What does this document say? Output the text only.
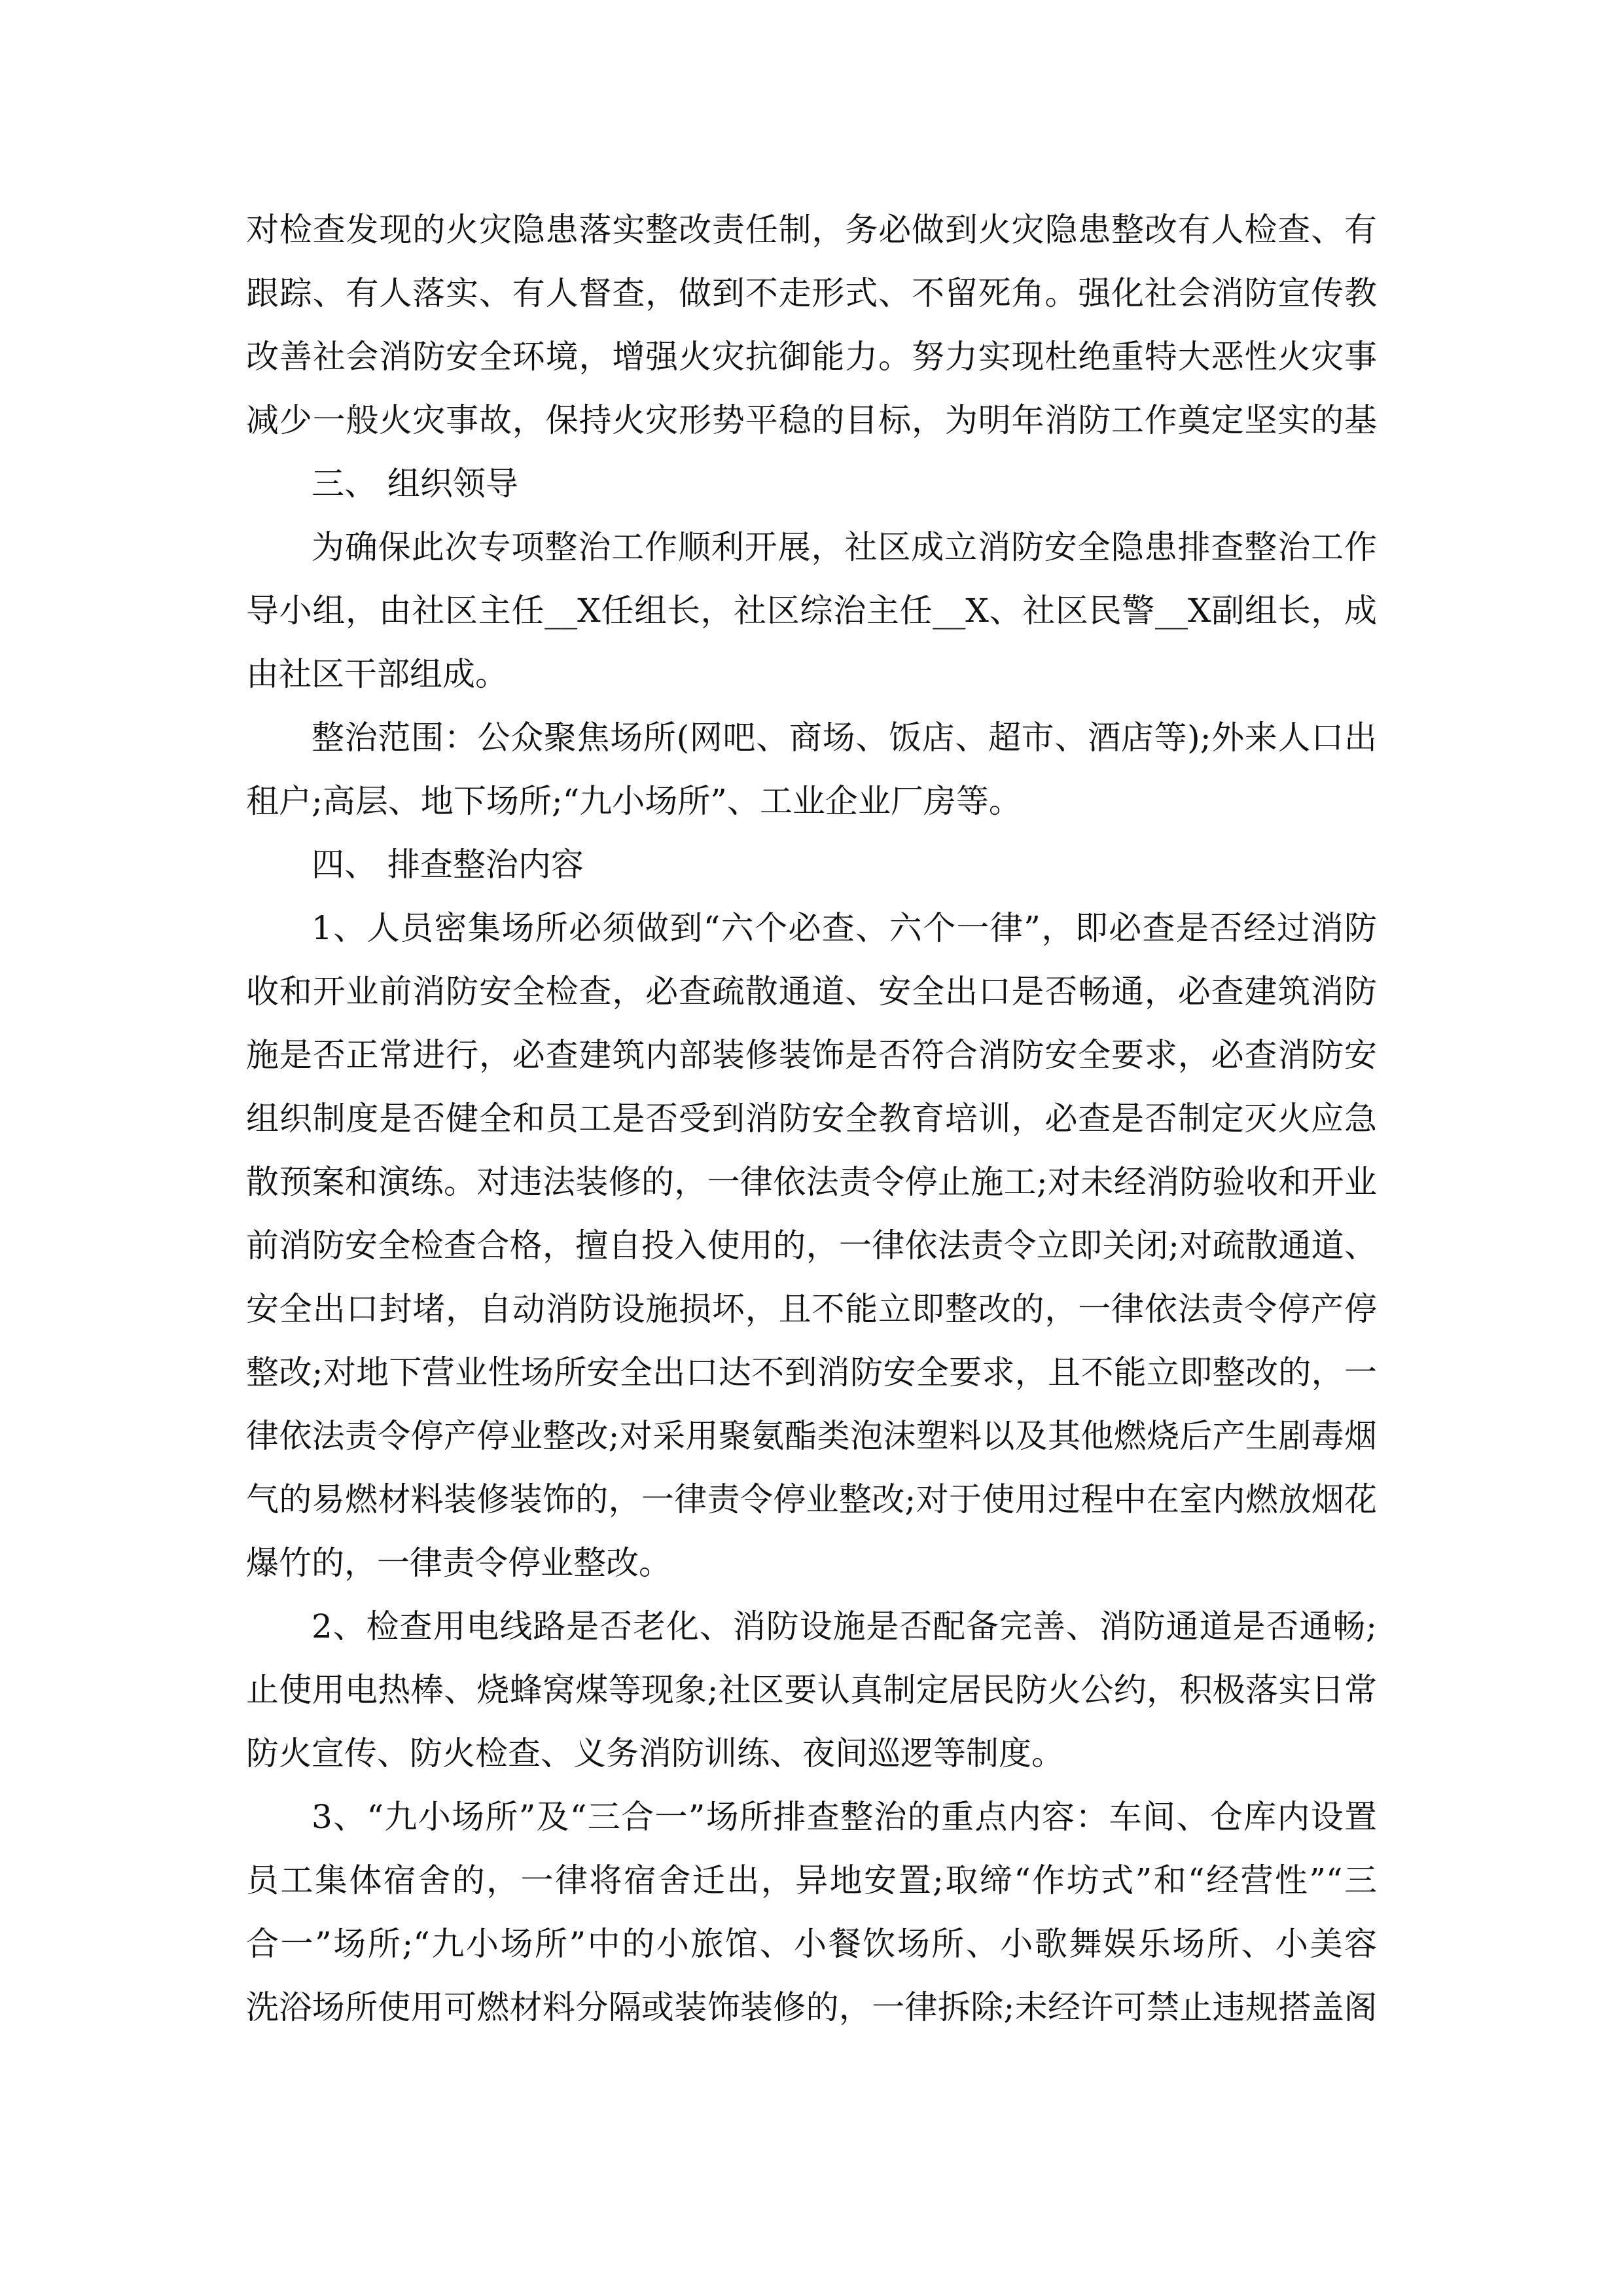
对检查发现的火灾隐患落实整改责任制，务必做到火灾隐患整改有人检查、有
跟踪、有人落实、有人督查，做到不走形式、不留死角。强化社会消防宣传教
改善社会消防安全环境，增强火灾抗御能力。努力实现杜绝重特大恶性火灾事
减少一般火灾事故，保持火灾形势平稳的目标，为明年消防工作奠定坚实的基
三、 组织领导
为确保此次专项整治工作顺利开展，社区成立消防安全隐患排查整治工作
导小组，由社区主任__X任组长，社区综治主任__X、社区民警__X副组长，成
由社区干部组成。
整治范围：公众聚焦场所(网吧、商场、饭店、超市、酒店等);外来人口出
租户;高层、地下场所;“九小场所”、工业企业厂房等。
四、 排查整治内容
1、人员密集场所必须做到“六个必查、六个一律”，即必查是否经过消防
收和开业前消防安全检查，必查疏散通道、安全出口是否畅通，必查建筑消防
施是否正常进行，必查建筑内部装修装饰是否符合消防安全要求，必查消防安
组织制度是否健全和员工是否受到消防安全教育培训，必查是否制定灭火应急
散预案和演练。对违法装修的，一律依法责令停止施工;对未经消防验收和开业
前消防安全检查合格，擅自投入使用的，一律依法责令立即关闭;对疏散通道、
安全出口封堵，自动消防设施损坏，且不能立即整改的，一律依法责令停产停
整改;对地下营业性场所安全出口达不到消防安全要求，且不能立即整改的，一
律依法责令停产停业整改;对采用聚氨酯类泡沫塑料以及其他燃烧后产生剧毒烟
气的易燃材料装修装饰的，一律责令停业整改;对于使用过程中在室内燃放烟花
爆竹的，一律责令停业整改。
2、检查用电线路是否老化、消防设施是否配备完善、消防通道是否通畅;
止使用电热棒、烧蜂窝煤等现象;社区要认真制定居民防火公约，积极落实日常
防火宣传、防火检查、义务消防训练、夜间巡逻等制度。
3、“九小场所”及“三合一”场所排查整治的重点内容：车间、仓库内设置
员工集体宿舍的，一律将宿舍迁出，异地安置;取缔“作坊式”和“经营性”“三
合一”场所;“九小场所”中的小旅馆、小餐饮场所、小歌舞娱乐场所、小美容
洗浴场所使用可燃材料分隔或装饰装修的，一律拆除;未经许可禁止违规搭盖阁
